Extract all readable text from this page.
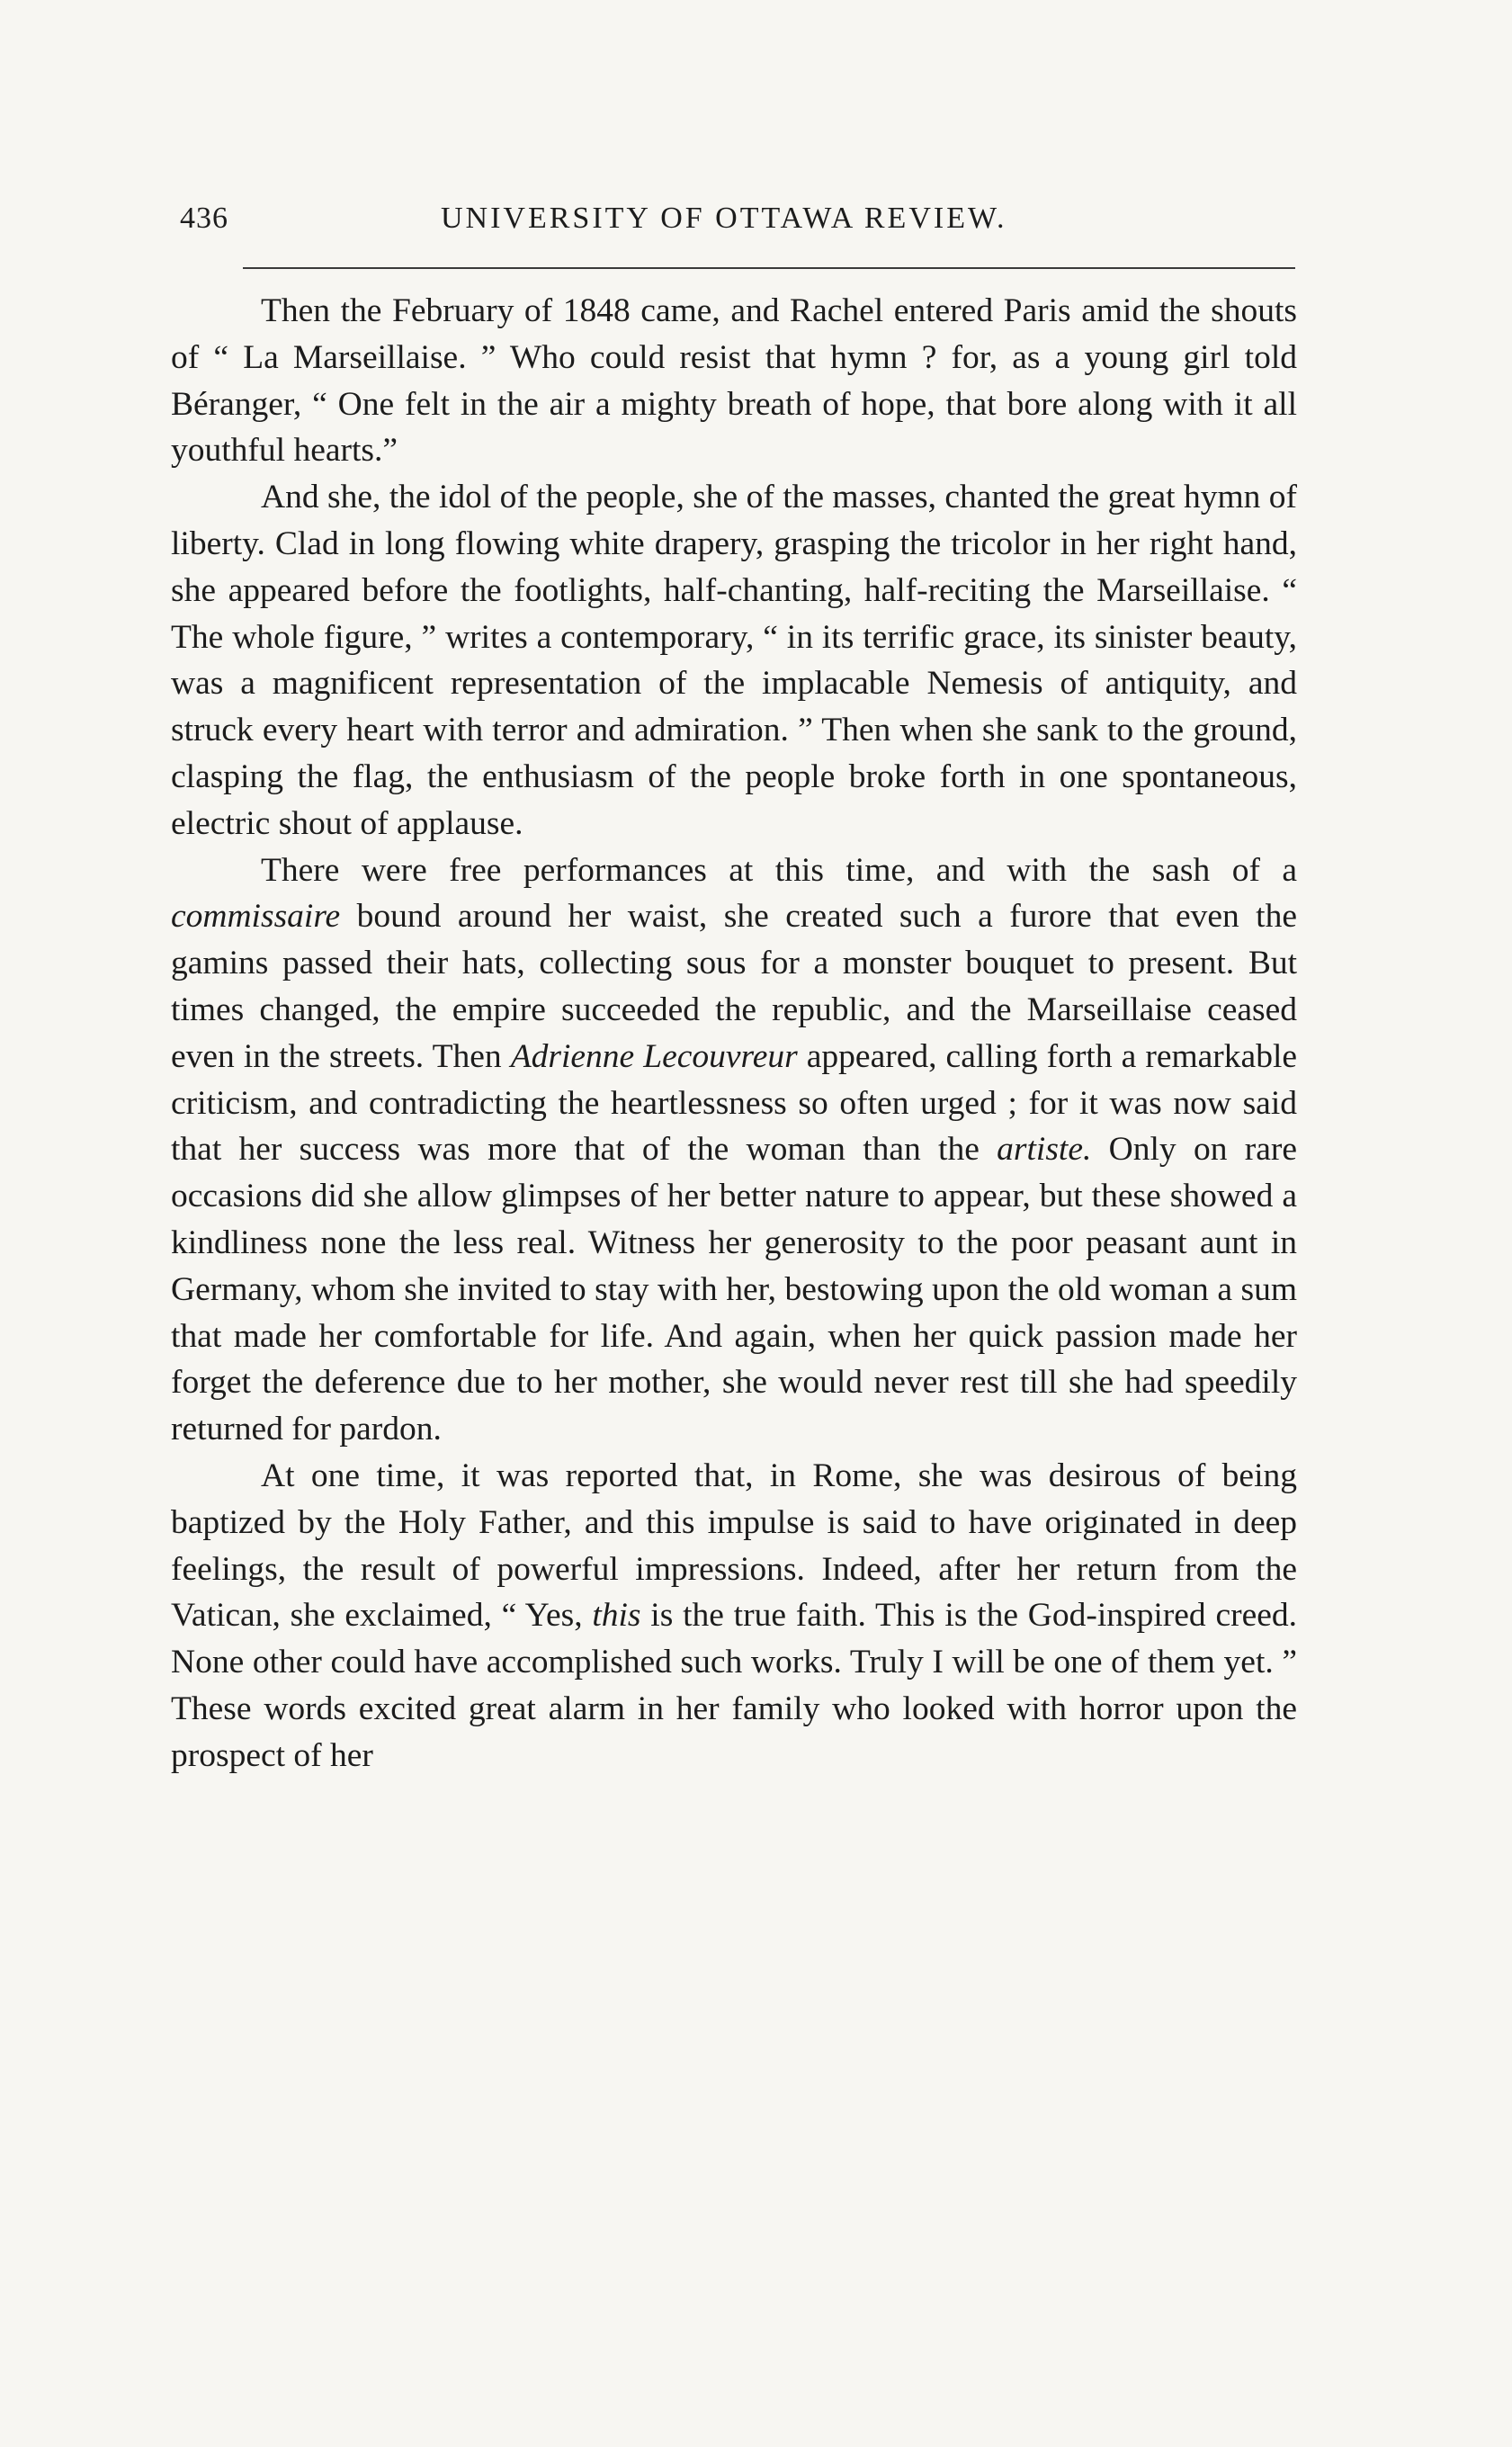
436	UNIVERSITY OF OTTAWA REVIEW.

Then the February of 1848 came, and Rachel entered Paris amid the shouts of “ La Marseillaise. ” Who could resist that hymn ? for, as a young girl told Béranger, “ One felt in the air a mighty breath of hope, that bore along with it all youthful hearts.”

And she, the idol of the people, she of the masses, chanted the great hymn of liberty. Clad in long flowing white drapery, grasping the tricolor in her right hand, she appeared before the footlights, half-chanting, half-reciting the Marseillaise. “ The whole figure, ” writes a contemporary, “ in its terrific grace, its sinister beauty, was a magnificent representation of the implacable Nemesis of antiquity, and struck every heart with terror and admiration. ” Then when she sank to the ground, clasping the flag, the enthusiasm of the people broke forth in one spontaneous, electric shout of applause.

There were free performances at this time, and with the sash of a commissaire bound around her waist, she created such a furore that even the gamins passed their hats, collecting sous for a monster bouquet to present. But times changed, the empire succeeded the republic, and the Marseillaise ceased even in the streets. Then Adrienne Lecouvreur appeared, calling forth a remarkable criticism, and contradicting the heartlessness so often urged ; for it was now said that her success was more that of the woman than the artiste. Only on rare occasions did she allow glimpses of her better nature to appear, but these showed a kindliness none the less real. Witness her generosity to the poor peasant aunt in Germany, whom she invited to stay with her, bestowing upon the old woman a sum that made her comfortable for life. And again, when her quick passion made her forget the deference due to her mother, she would never rest till she had speedily returned for pardon.

At one time, it was reported that, in Rome, she was desirous of being baptized by the Holy Father, and this impulse is said to have originated in deep feelings, the result of powerful impressions. Indeed, after her return from the Vatican, she exclaimed, “ Yes, this is the true faith. This is the God-inspired creed. None other could have accomplished such works. Truly I will be one of them yet. ” These words excited great alarm in her family who looked with horror upon the prospect of her
